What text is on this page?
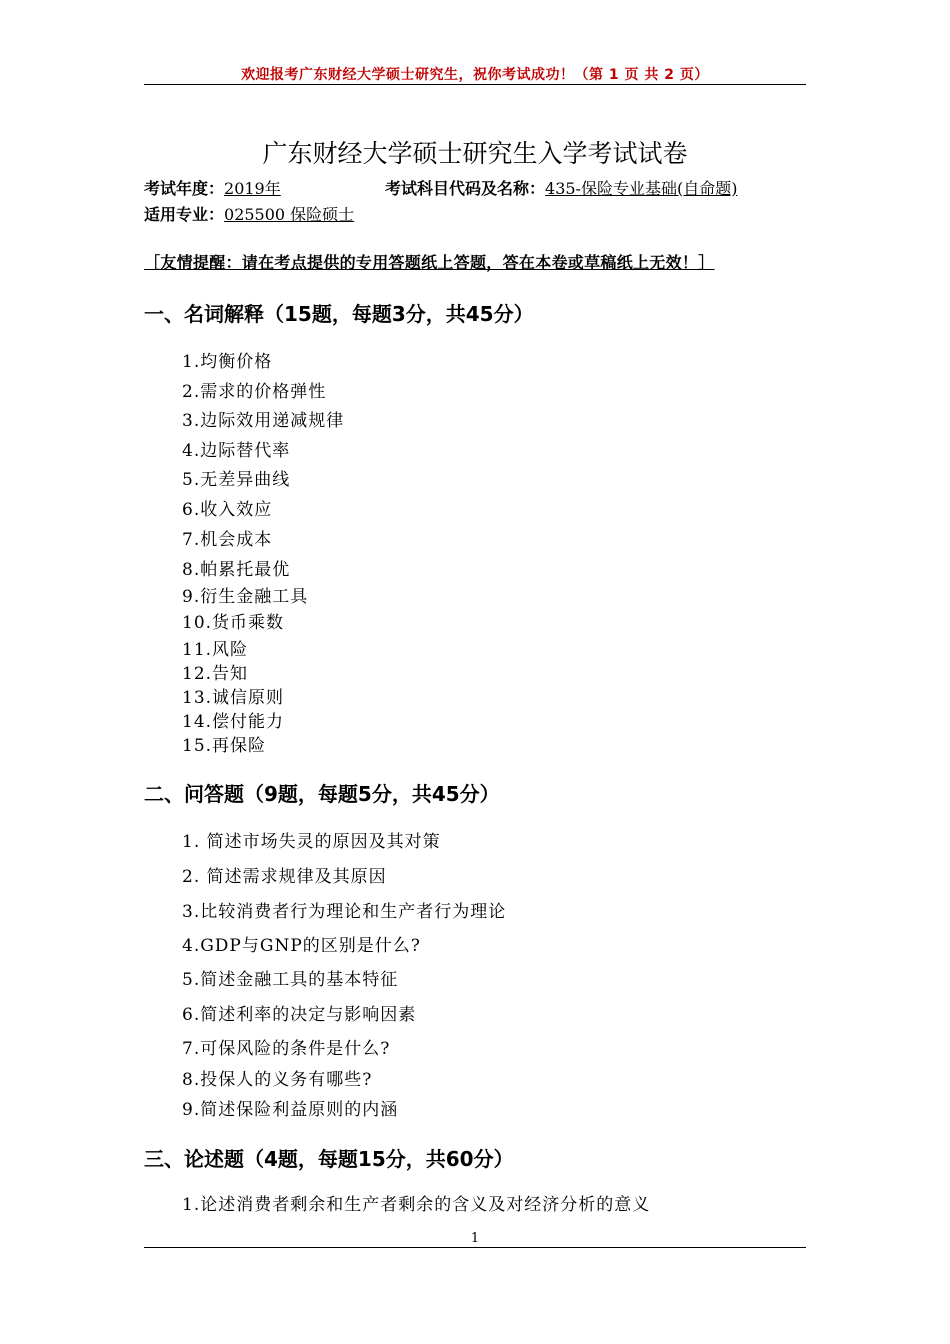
欢迎报考广东财经大学硕士研究生，祝你考试成功！（第 1 页 共 2 页）
广东财经大学硕士研究生入学考试试卷
考试年度：2019年	考试科目代码及名称：435-保险专业基础(自命题)
适用专业：025500 保险硕士
［友情提醒：请在考点提供的专用答题纸上答题，答在本卷或草稿纸上无效！］
一、名词解释（15题，每题3分，共45分）
1.均衡价格
2.需求的价格弹性
3.边际效用递减规律
4.边际替代率
5.无差异曲线
6.收入效应
7.机会成本
8.帕累托最优
9.衍生金融工具
10.货币乘数
11.风险
12.告知
13.诚信原则
14.偿付能力
15.再保险
二、问答题（9题，每题5分，共45分）
1. 简述市场失灵的原因及其对策
2. 简述需求规律及其原因
3.比较消费者行为理论和生产者行为理论
4.GDP与GNP的区别是什么?
5.简述金融工具的基本特征
6.简述利率的决定与影响因素
7.可保风险的条件是什么?
8.投保人的义务有哪些?
9.简述保险利益原则的内涵
三、论述题（4题，每题15分，共60分）
1.论述消费者剩余和生产者剩余的含义及对经济分析的意义
1
